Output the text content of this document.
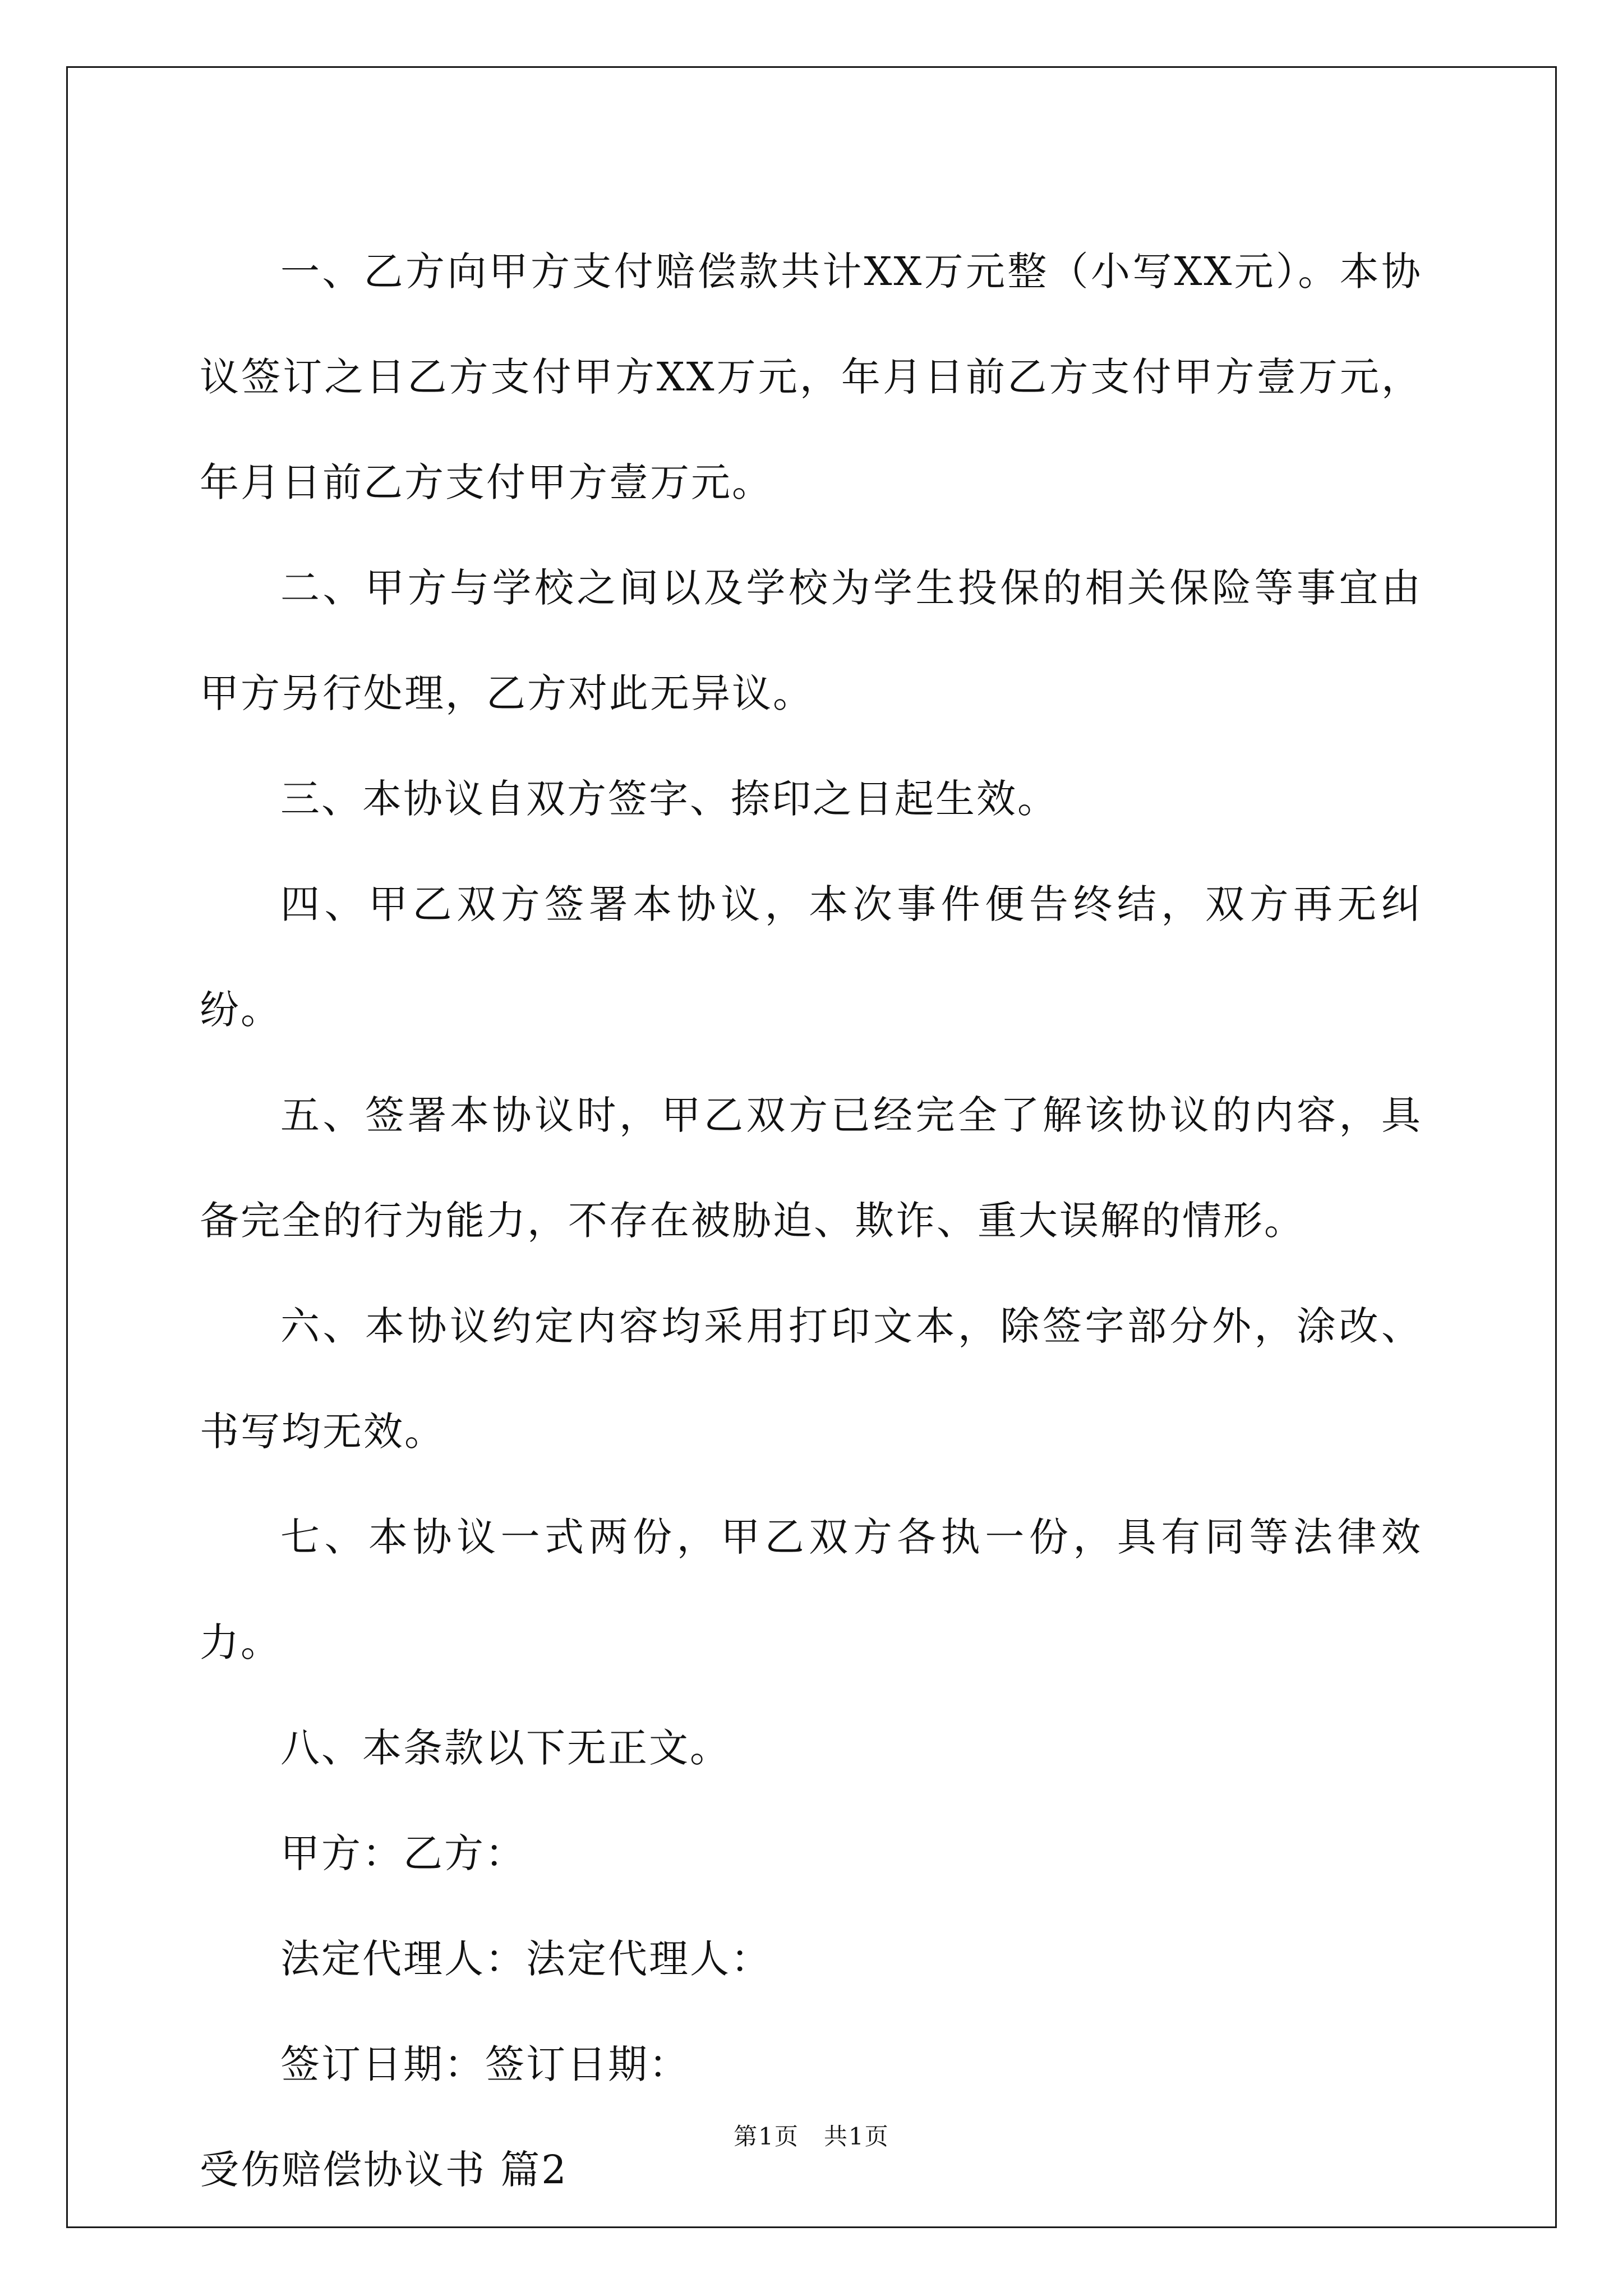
一、乙方向甲方支付赔偿款共计XX万元整（小写XX元）。本协议签订之日乙方支付甲方XX万元，年月日前乙方支付甲方壹万元，年月日前乙方支付甲方壹万元。

二、甲方与学校之间以及学校为学生投保的相关保险等事宜由甲方另行处理，乙方对此无异议。

三、本协议自双方签字、捺印之日起生效。

四、甲乙双方签署本协议，本次事件便告终结，双方再无纠纷。

五、签署本协议时，甲乙双方已经完全了解该协议的内容，具备完全的行为能力，不存在被胁迫、欺诈、重大误解的情形。

六、本协议约定内容均采用打印文本，除签字部分外，涂改、书写均无效。

七、本协议一式两份，甲乙双方各执一份，具有同等法律效力。

八、本条款以下无正文。

甲方：乙方：

法定代理人：法定代理人：

签订日期：签订日期：

受伤赔偿协议书 篇2

第1页　共1页
